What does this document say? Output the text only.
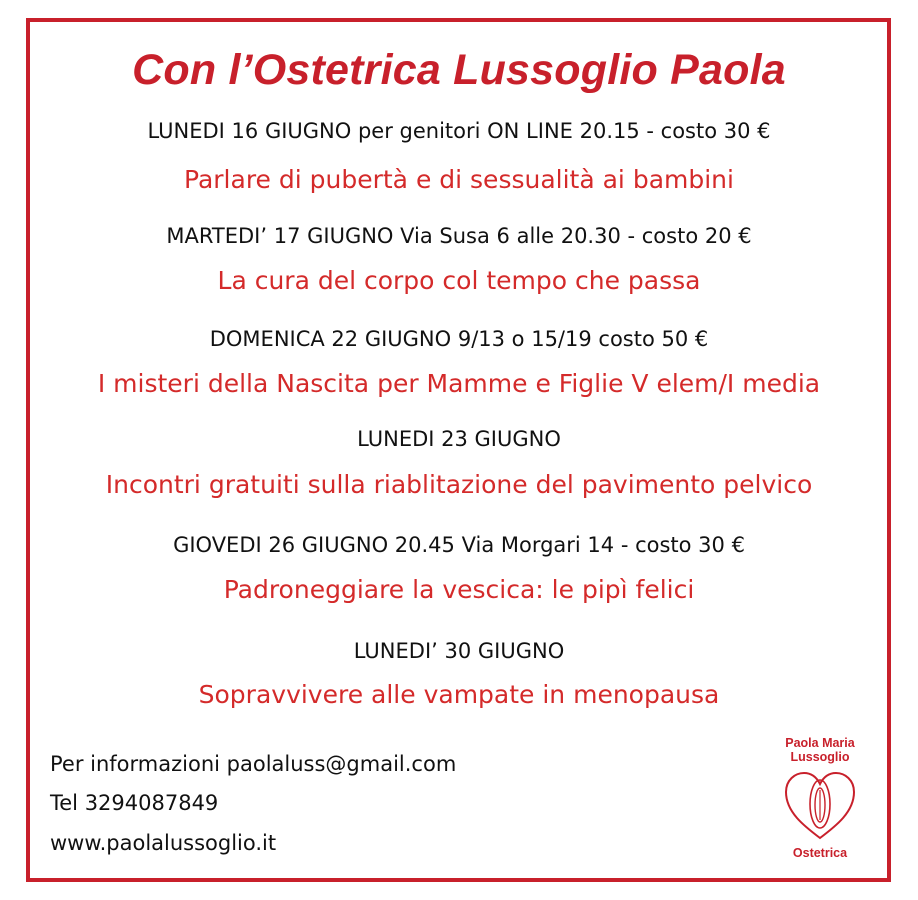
Con l’Ostetrica Lussoglio Paola

LUNEDI 16 GIUGNO per genitori ON LINE 20.15 - costo 30 €

Parlare di pubertà e di sessualità ai bambini

MARTEDI’ 17 GIUGNO Via Susa 6 alle 20.30 - costo 20 €

La cura del corpo col tempo che passa

DOMENICA 22 GIUGNO 9/13 o 15/19 costo 50 €

I misteri della Nascita per Mamme e Figlie V elem/I media

LUNEDI 23 GIUGNO

Incontri gratuiti sulla riablitazione del pavimento pelvico

GIOVEDI 26 GIUGNO 20.45 Via Morgari 14 - costo 30 €

Padroneggiare la vescica: le pipì felici

LUNEDI’ 30 GIUGNO

Sopravvivere alle vampate in menopausa

Per informazioni paolaluss@gmail.com

Tel 3294087849

www.paolalussoglio.it

Paola Maria Lussoglio

Ostetrica
